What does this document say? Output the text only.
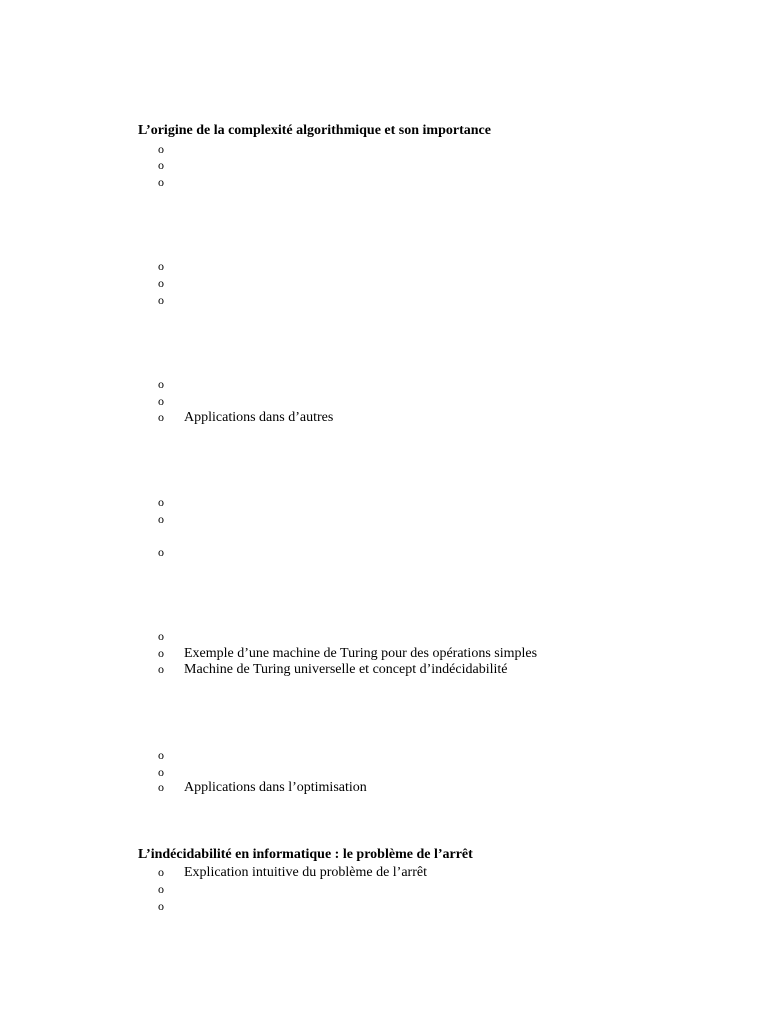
L’origine de la complexité algorithmique et son importance
o
o
o
o
o
o
o
o
o Applications dans d’autres
o
o
o
o
o Exemple d’une machine de Turing pour des opérations simples
o Machine de Turing universelle et concept d’indécidabilité
o
o
o Applications dans l’optimisation
L’indécidabilité en informatique : le problème de l’arrêt
o Explication intuitive du problème de l’arrêt
o
o
